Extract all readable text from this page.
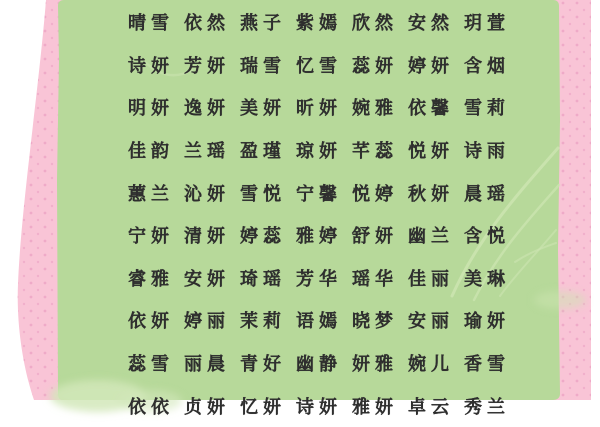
晴雪 依然 燕子 紫嫣 欣然 安然 玥萱
诗妍 芳妍 瑞雪 忆雪 蕊妍 婷妍 含烟
明妍 逸妍 美妍 昕妍 婉雅 依馨 雪莉
佳韵 兰瑶 盈瑾 琼妍 芊蕊 悦妍 诗雨
蕙兰 沁妍 雪悦 宁馨 悦婷 秋妍 晨瑶
宁妍 清妍 婷蕊 雅婷 舒妍 幽兰 含悦
睿雅 安妍 琦瑶 芳华 瑶华 佳丽 美琳
依妍 婷丽 茉莉 语嫣 晓梦 安丽 瑜妍
蕊雪 丽晨 青好 幽静 妍雅 婉儿 香雪
依依 贞妍 忆妍 诗妍 雅妍 卓云 秀兰
